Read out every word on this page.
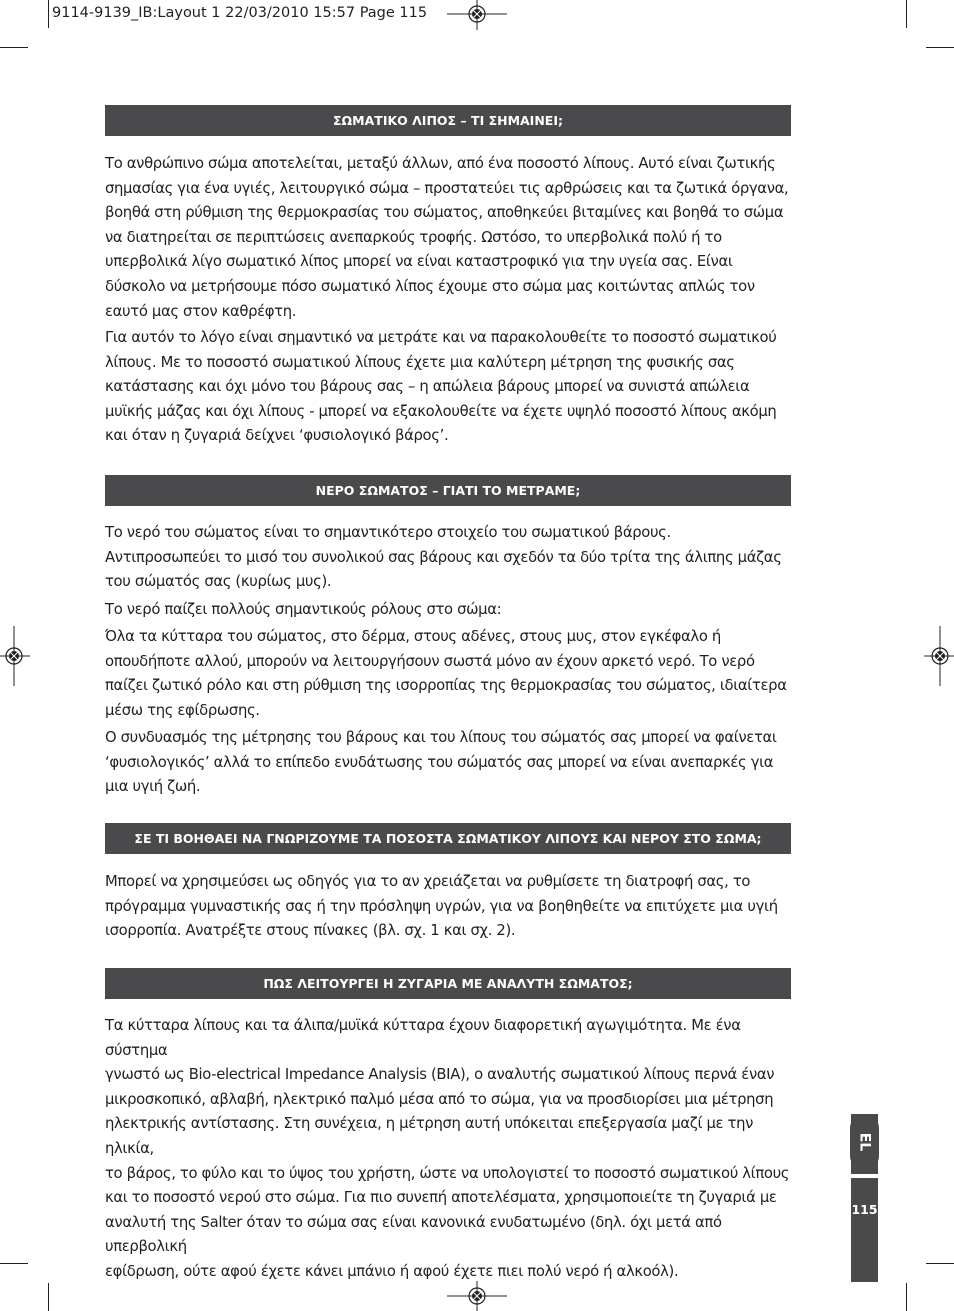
9114-9139_IB:Layout 1 22/03/2010 15:57 Page 115
ΣΩΜΑΤΙΚΟ ΛΙΠΟΣ – ΤΙ ΣΗΜΑΙΝΕΙ;

Το ανθρώπινο σώμα αποτελείται, μεταξύ άλλων, από ένα ποσοστό λίπους. Αυτό είναι ζωτικής
σημασίας για ένα υγιές, λειτουργικό σώμα – προστατεύει τις αρθρώσεις και τα ζωτικά όργανα,
βοηθά στη ρύθμιση της θερμοκρασίας του σώματος, αποθηκεύει βιταμίνες και βοηθά το σώμα
να διατηρείται σε περιπτώσεις ανεπαρκούς τροφής. Ωστόσο, το υπερβολικά πολύ ή το
υπερβολικά λίγο σωματικό λίπος μπορεί να είναι καταστροφικό για την υγεία σας. Είναι
δύσκολο να μετρήσουμε πόσο σωματικό λίπος έχουμε στο σώμα μας κοιτώντας απλώς τον
εαυτό μας στον καθρέφτη.

Για αυτόν το λόγο είναι σημαντικό να μετράτε και να παρακολουθείτε το ποσοστό σωματικού
λίπους. Με το ποσοστό σωματικού λίπους έχετε μια καλύτερη μέτρηση της φυσικής σας
κατάστασης και όχι μόνο του βάρους σας – η απώλεια βάρους μπορεί να συνιστά απώλεια
μυϊκής μάζας και όχι λίπους - μπορεί να εξακολουθείτε να έχετε υψηλό ποσοστό λίπους ακόμη
και όταν η ζυγαριά δείχνει ‘φυσιολογικό βάρος’.

ΝΕΡΟ ΣΩΜΑΤΟΣ – ΓΙΑΤΙ ΤΟ ΜΕΤΡΑΜΕ;

Το νερό του σώματος είναι το σημαντικότερο στοιχείο του σωματικού βάρους.
Αντιπροσωπεύει το μισό του συνολικού σας βάρους και σχεδόν τα δύο τρίτα της άλιπης μάζας
του σώματός σας (κυρίως μυς).

Το νερό παίζει πολλούς σημαντικούς ρόλους στο σώμα:

Όλα τα κύτταρα του σώματος, στο δέρμα, στους αδένες, στους μυς, στον εγκέφαλο ή
οπουδήποτε αλλού, μπορούν να λειτουργήσουν σωστά μόνο αν έχουν αρκετό νερό. Το νερό
παίζει ζωτικό ρόλο και στη ρύθμιση της ισορροπίας της θερμοκρασίας του σώματος, ιδιαίτερα
μέσω της εφίδρωσης.

Ο συνδυασμός της μέτρησης του βάρους και του λίπους του σώματός σας μπορεί να φαίνεται
‘φυσιολογικός’ αλλά το επίπεδο ενυδάτωσης του σώματός σας μπορεί να είναι ανεπαρκές για
μια υγιή ζωή.

ΣΕ ΤΙ ΒΟΗΘΑΕΙ ΝΑ ΓΝΩΡΙΖΟΥΜΕ ΤΑ ΠΟΣΟΣΤΑ ΣΩΜΑΤΙΚΟΥ ΛΙΠΟΥΣ ΚΑΙ ΝΕΡΟΥ ΣΤΟ ΣΩΜΑ;

Μπορεί να χρησιμεύσει ως οδηγός για το αν χρειάζεται να ρυθμίσετε τη διατροφή σας, το
πρόγραμμα γυμναστικής σας ή την πρόσληψη υγρών, για να βοηθηθείτε να επιτύχετε μια υγιή
ισορροπία. Ανατρέξτε στους πίνακες (βλ. σχ. 1 και σχ. 2).

ΠΩΣ ΛΕΙΤΟΥΡΓΕΙ Η ΖΥΓΑΡΙΑ ΜΕ ΑΝΑΛΥΤΗ ΣΩΜΑΤΟΣ;

Τα κύτταρα λίπους και τα άλιπα/μυϊκά κύτταρα έχουν διαφορετική αγωγιμότητα. Με ένα σύστημα
γνωστό ως Bio-electrical Impedance Analysis (BIA), ο αναλυτής σωματικού λίπους περνά έναν
μικροσκοπικό, αβλαβή, ηλεκτρικό παλμό μέσα από το σώμα, για να προσδιορίσει μια μέτρηση
ηλεκτρικής αντίστασης. Στη συνέχεια, η μέτρηση αυτή υπόκειται επεξεργασία μαζί με την ηλικία,
το βάρος, το φύλο και το ύψος του χρήστη, ώστε να υπολογιστεί το ποσοστό σωματικού λίπους
και το ποσοστό νερού στο σώμα. Για πιο συνεπή αποτελέσματα, χρησιμοποιείτε τη ζυγαριά με
αναλυτή της Salter όταν το σώμα σας είναι κανονικά ενυδατωμένο (δηλ. όχι μετά από υπερβολική
εφίδρωση, ούτε αφού έχετε κάνει μπάνιο ή αφού έχετε πιει πολύ νερό ή αλκοόλ).

EL
115
